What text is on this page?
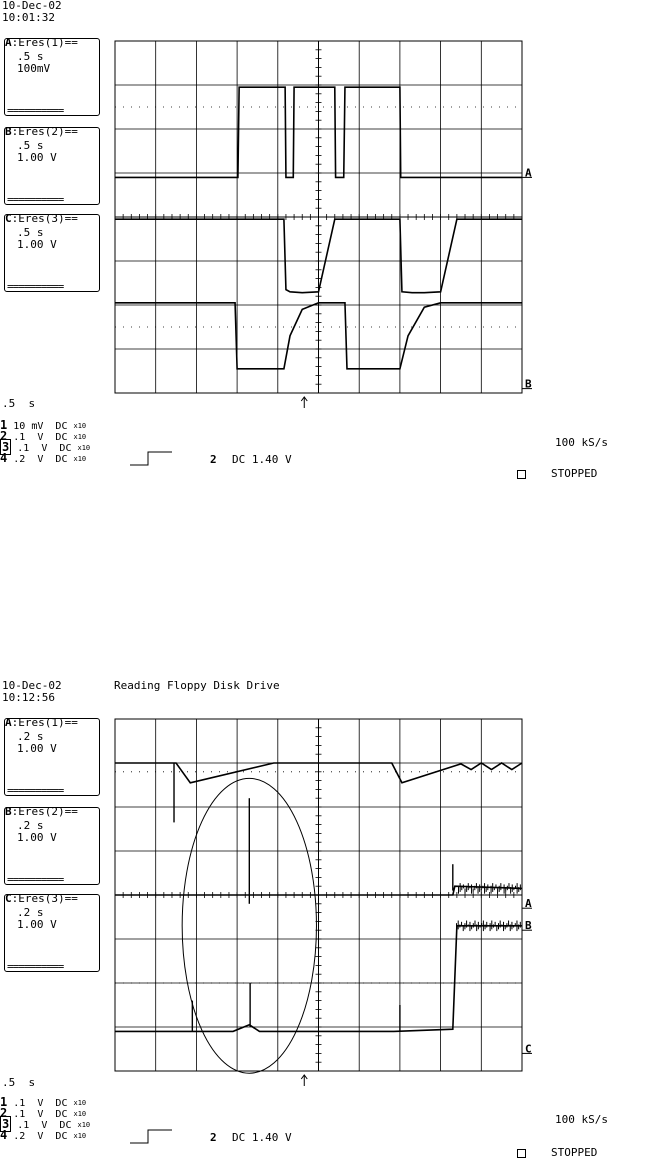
10-Dec-02
10:01:32
A:Eres(1)==
.5 s
100mV
==========
B:Eres(2)==
.5 s
1.00 V
==========
C:Eres(3)==
.5 s
1.00 V
==========
A
B
.5  s
1 10 mV DC x10
2 .1  V DC x10
3 .1  V DC x10
4 .2  V DC x10	2 DC 1.40 V
100 kS/s
STOPPED
10-Dec-02	Reading Floppy Disk Drive
10:12:56
A:Eres(1)==
.2 s
1.00 V
==========
B:Eres(2)==
.2 s
1.00 V
==========
C:Eres(3)==
.2 s
1.00 V
==========
A
B
C
.5  s
1 .1  V DC x10
2 .1  V DC x10
3 .1  V DC x10
4 .2  V DC x10	2 DC 1.40 V
100 kS/s
STOPPED
